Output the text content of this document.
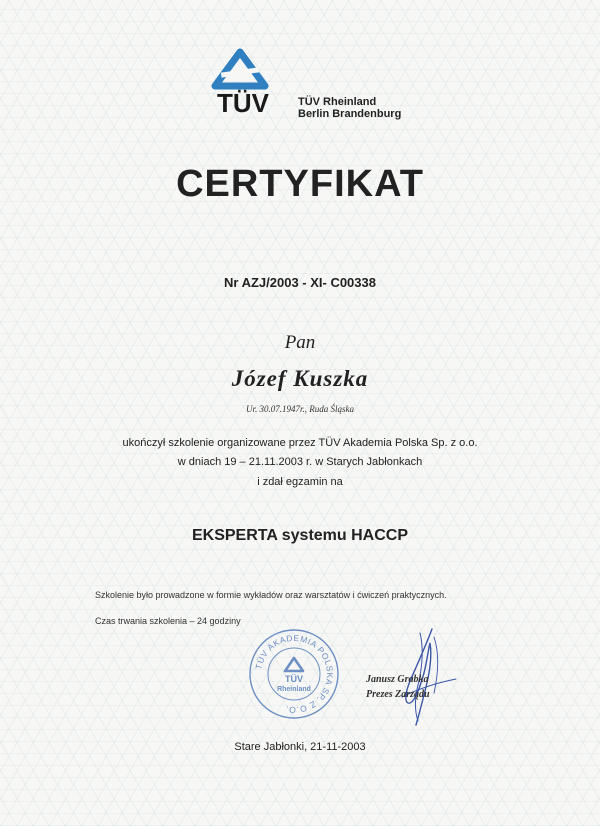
TÜV	TÜV Rheinland
Berlin Brandenburg
CERTYFIKAT
Nr AZJ/2003 - XI- C00338
Pan
Józef Kuszka
Ur. 30.07.1947r., Ruda Śląska
ukończył szkolenie organizowane przez TÜV Akademia Polska Sp. z o.o.
w dniach 19 – 21.11.2003 r. w Starych Jabłonkach
i zdał egzamin na
EKSPERTA systemu HACCP
Szkolenie było prowadzone w formie wykładów oraz warsztatów i ćwiczeń praktycznych.
Czas trwania szkolenia – 24 godziny
TÜV AKADEMIA POLSKA SP. Z O.O.
TÜV
Rheinland
Janusz Grabka
Prezes Zarządu
Stare Jabłonki, 21-11-2003
